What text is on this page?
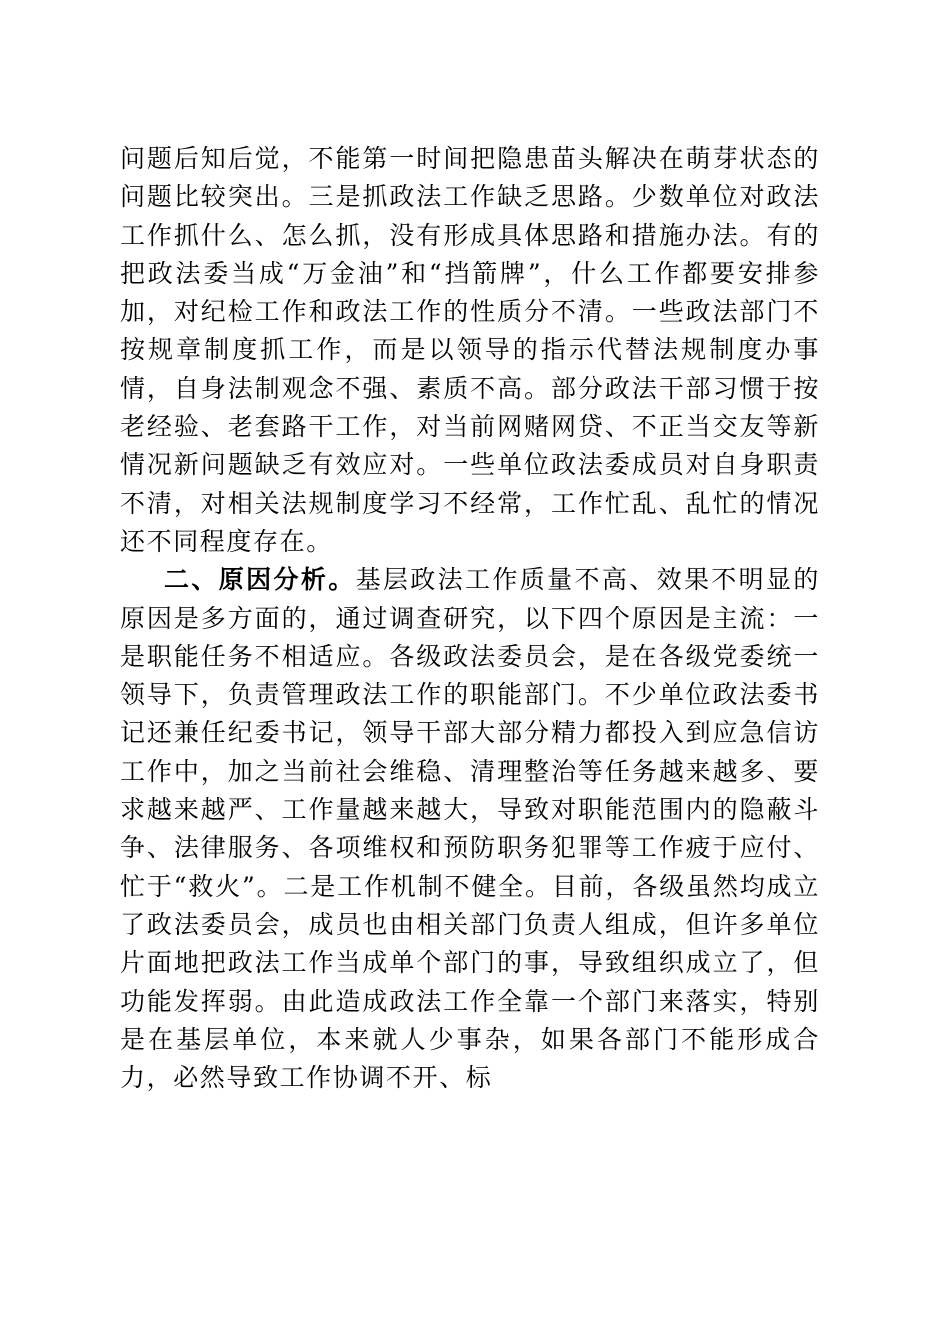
问题后知后觉，不能第一时间把隐患苗头解决在萌芽状态的问题比较突出。三是抓政法工作缺乏思路。少数单位对政法工作抓什么、怎么抓，没有形成具体思路和措施办法。有的把政法委当成“万金油”和“挡箭牌”，什么工作都要安排参加，对纪检工作和政法工作的性质分不清。一些政法部门不按规章制度抓工作，而是以领导的指示代替法规制度办事情，自身法制观念不强、素质不高。部分政法干部习惯于按老经验、老套路干工作，对当前网赌网贷、不正当交友等新情况新问题缺乏有效应对。一些单位政法委成员对自身职责不清，对相关法规制度学习不经常，工作忙乱、乱忙的情况还不同程度存在。

二、原因分析。基层政法工作质量不高、效果不明显的原因是多方面的，通过调查研究，以下四个原因是主流：一是职能任务不相适应。各级政法委员会，是在各级党委统一领导下，负责管理政法工作的职能部门。不少单位政法委书记还兼任纪委书记，领导干部大部分精力都投入到应急信访工作中，加之当前社会维稳、清理整治等任务越来越多、要求越来越严、工作量越来越大，导致对职能范围内的隐蔽斗争、法律服务、各项维权和预防职务犯罪等工作疲于应付、忙于“救火”。二是工作机制不健全。目前，各级虽然均成立了政法委员会，成员也由相关部门负责人组成，但许多单位片面地把政法工作当成单个部门的事，导致组织成立了，但功能发挥弱。由此造成政法工作全靠一个部门来落实，特别是在基层单位，本来就人少事杂，如果各部门不能形成合力，必然导致工作协调不开、标
